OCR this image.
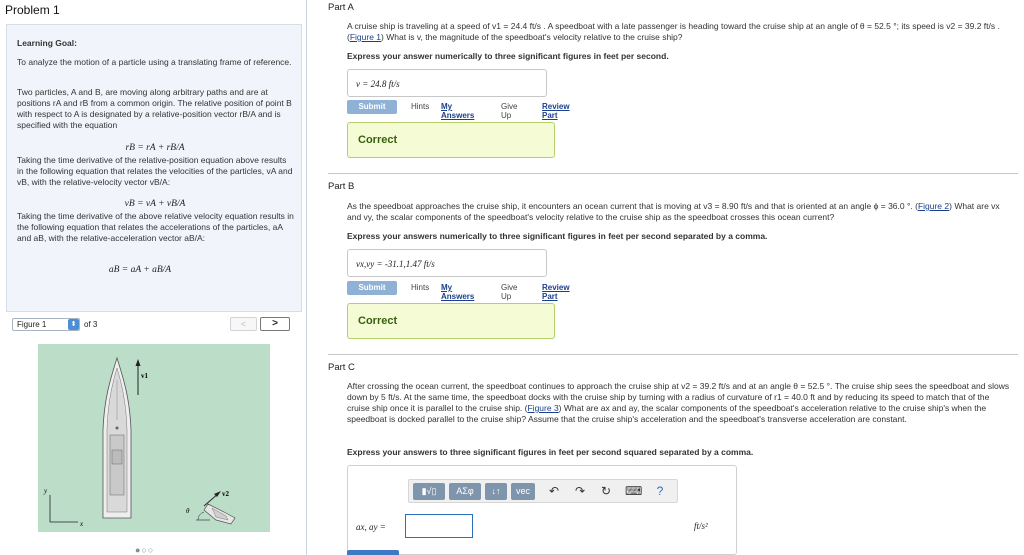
Problem 1
Learning Goal:
To analyze the motion of a particle using a translating frame of reference.
Two particles, A and B, are moving along arbitrary paths and are at positions rA and rB from a common origin. The relative position of point B with respect to A is designated by a relative-position vector rB/A and is specified with the equation
rB = rA + rB/A
Taking the time derivative of the relative-position equation above results in the following equation that relates the velocities of the particles, vA and vB, with the relative-velocity vector vB/A:
vB = vA + vB/A
Taking the time derivative of the above relative velocity equation results in the following equation that relates the accelerations of the particles, aA and aB, with the relative-acceleration vector aB/A:
aB = aA + aB/A
Figure 1	⬍ of 3	<	>
v1
y
x
θ
v2
●○○
Part A
A cruise ship is traveling at a speed of v1 = 24.4 ft/s . A speedboat with a late passenger is heading toward the cruise ship at an angle of θ = 52.5 °; its speed is v2 = 39.2 ft/s . (Figure 1) What is v, the magnitude of the speedboat's velocity relative to the cruise ship?
Express your answer numerically to three significant figures in feet per second.
v = 24.8 ft/s
Submit	Hints My Answers
Give Up
Review Part
Correct
Part B
As the speedboat approaches the cruise ship, it encounters an ocean current that is moving at v3 = 8.90 ft/s and that is oriented at an angle ϕ = 36.0 °. (Figure 2) What are vx and vy, the scalar components of the speedboat's velocity relative to the cruise ship as the speedboat crosses this ocean current?
Express your answers numerically to three significant figures in feet per second separated by a comma.
vx,vy = -31.1,1.47 ft/s
Submit	Hints My Answers
Give Up
Review Part
Correct
Part C
After crossing the ocean current, the speedboat continues to approach the cruise ship at v2 = 39.2 ft/s and at an angle θ = 52.5 °. The cruise ship sees the speedboat and slows down by 5 ft/s. At the same time, the speedboat docks with the cruise ship by turning with a radius of curvature of r1 = 40.0 ft and by reducing its speed to match that of the cruise ship once it is parallel to the cruise ship. (Figure 3) What are ax and ay, the scalar components of the speedboat's acceleration relative to the cruise ship's when the speedboat is docked parallel to the cruise ship? Assume that the cruise ship's acceleration and the speedboat's transverse acceleration are constant.
Express your answers to three significant figures in feet per second squared separated by a comma.
▮√▯	ΑΣφ	↓↑	vec	↶ ↷ ↻ ⌨	?
ax, ay =	ft/s²
